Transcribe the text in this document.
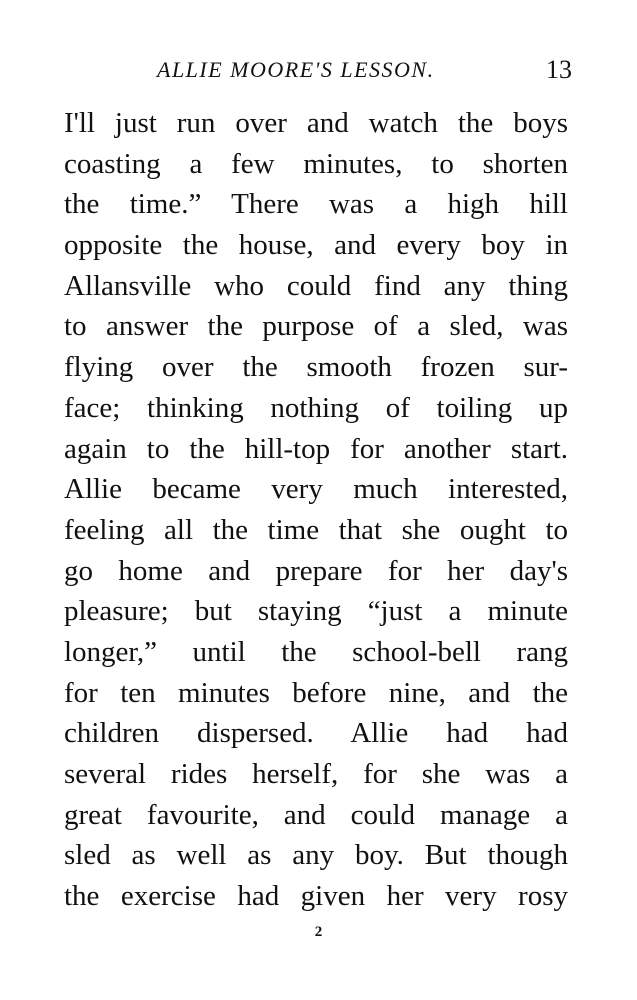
ALLIE MOORE'S LESSON.	13
I'll just run over and watch the boys
coasting a few minutes, to shorten
the time.” There was a high hill
opposite the house, and every boy in
Allansville who could find any thing
to answer the purpose of a sled, was
flying over the smooth frozen sur-
face; thinking nothing of toiling up
again to the hill-top for another start.
Allie became very much interested,
feeling all the time that she ought to
go home and prepare for her day's
pleasure; but staying “just a minute
longer,” until the school-bell rang
for ten minutes before nine, and the
children dispersed. Allie had had
several rides herself, for she was a
great favourite, and could manage a
sled as well as any boy. But though
the exercise had given her very rosy
2
